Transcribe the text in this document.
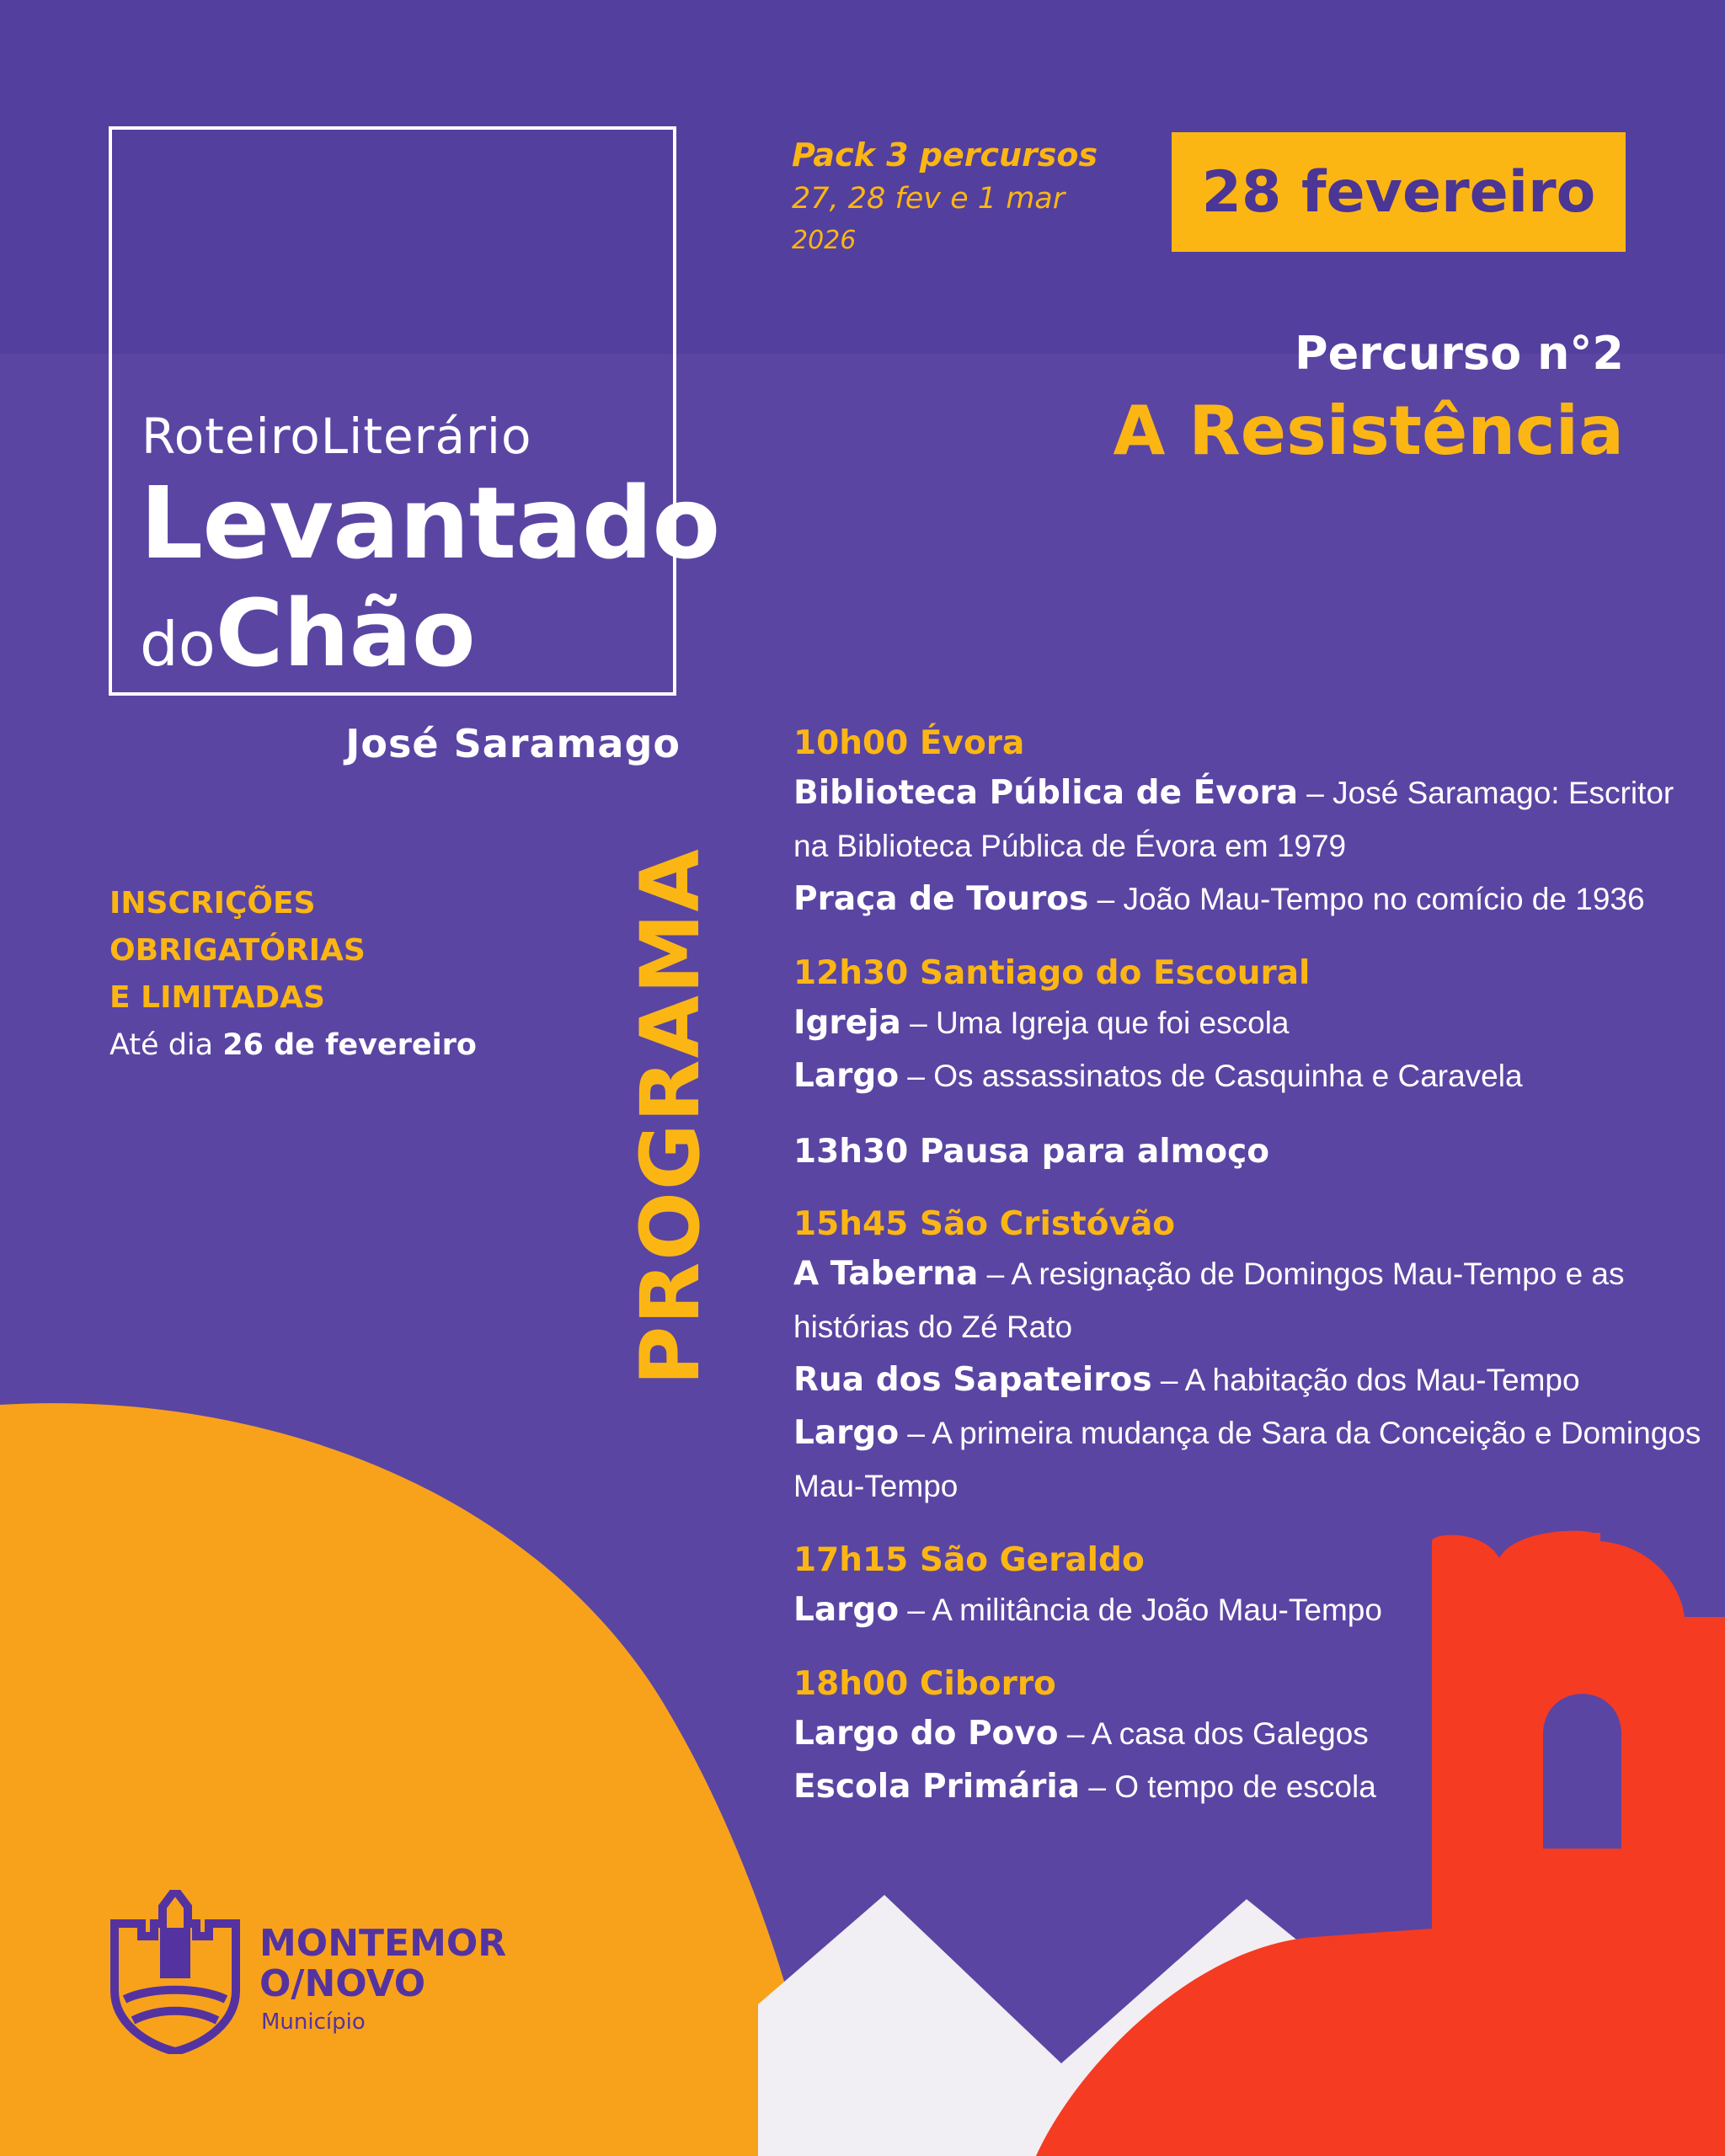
RoteiroLiterário
Levantado
doChão
José Saramago
Pack 3 percursos
27, 28 fev e 1 mar
2026
28 fevereiro
Percurso n°2
A Resistência
INSCRIÇÕES
OBRIGATÓRIAS
E LIMITADAS
Até dia 26 de fevereiro PROGRAMA
10h00 Évora
Biblioteca Pública de Évora – José Saramago: Escritor na Biblioteca Pública de Évora em 1979
Praça de Touros – João Mau-Tempo no comício de 1936
12h30 Santiago do Escoural
Igreja – Uma Igreja que foi escola
Largo – Os assassinatos de Casquinha e Caravela
13h30 Pausa para almoço
15h45 São Cristóvão
A Taberna – A resignação de Domingos Mau-Tempo e as histórias do Zé Rato
Rua dos Sapateiros – A habitação dos Mau-Tempo
Largo – A primeira mudança de Sara da Conceição e Domingos Mau-Tempo
17h15 São Geraldo
Largo – A militância de João Mau-Tempo
18h00 Ciborro
Largo do Povo – A casa dos Galegos
Escola Primária – O tempo de escola
MONTEMOR
O/NOVO
Município
